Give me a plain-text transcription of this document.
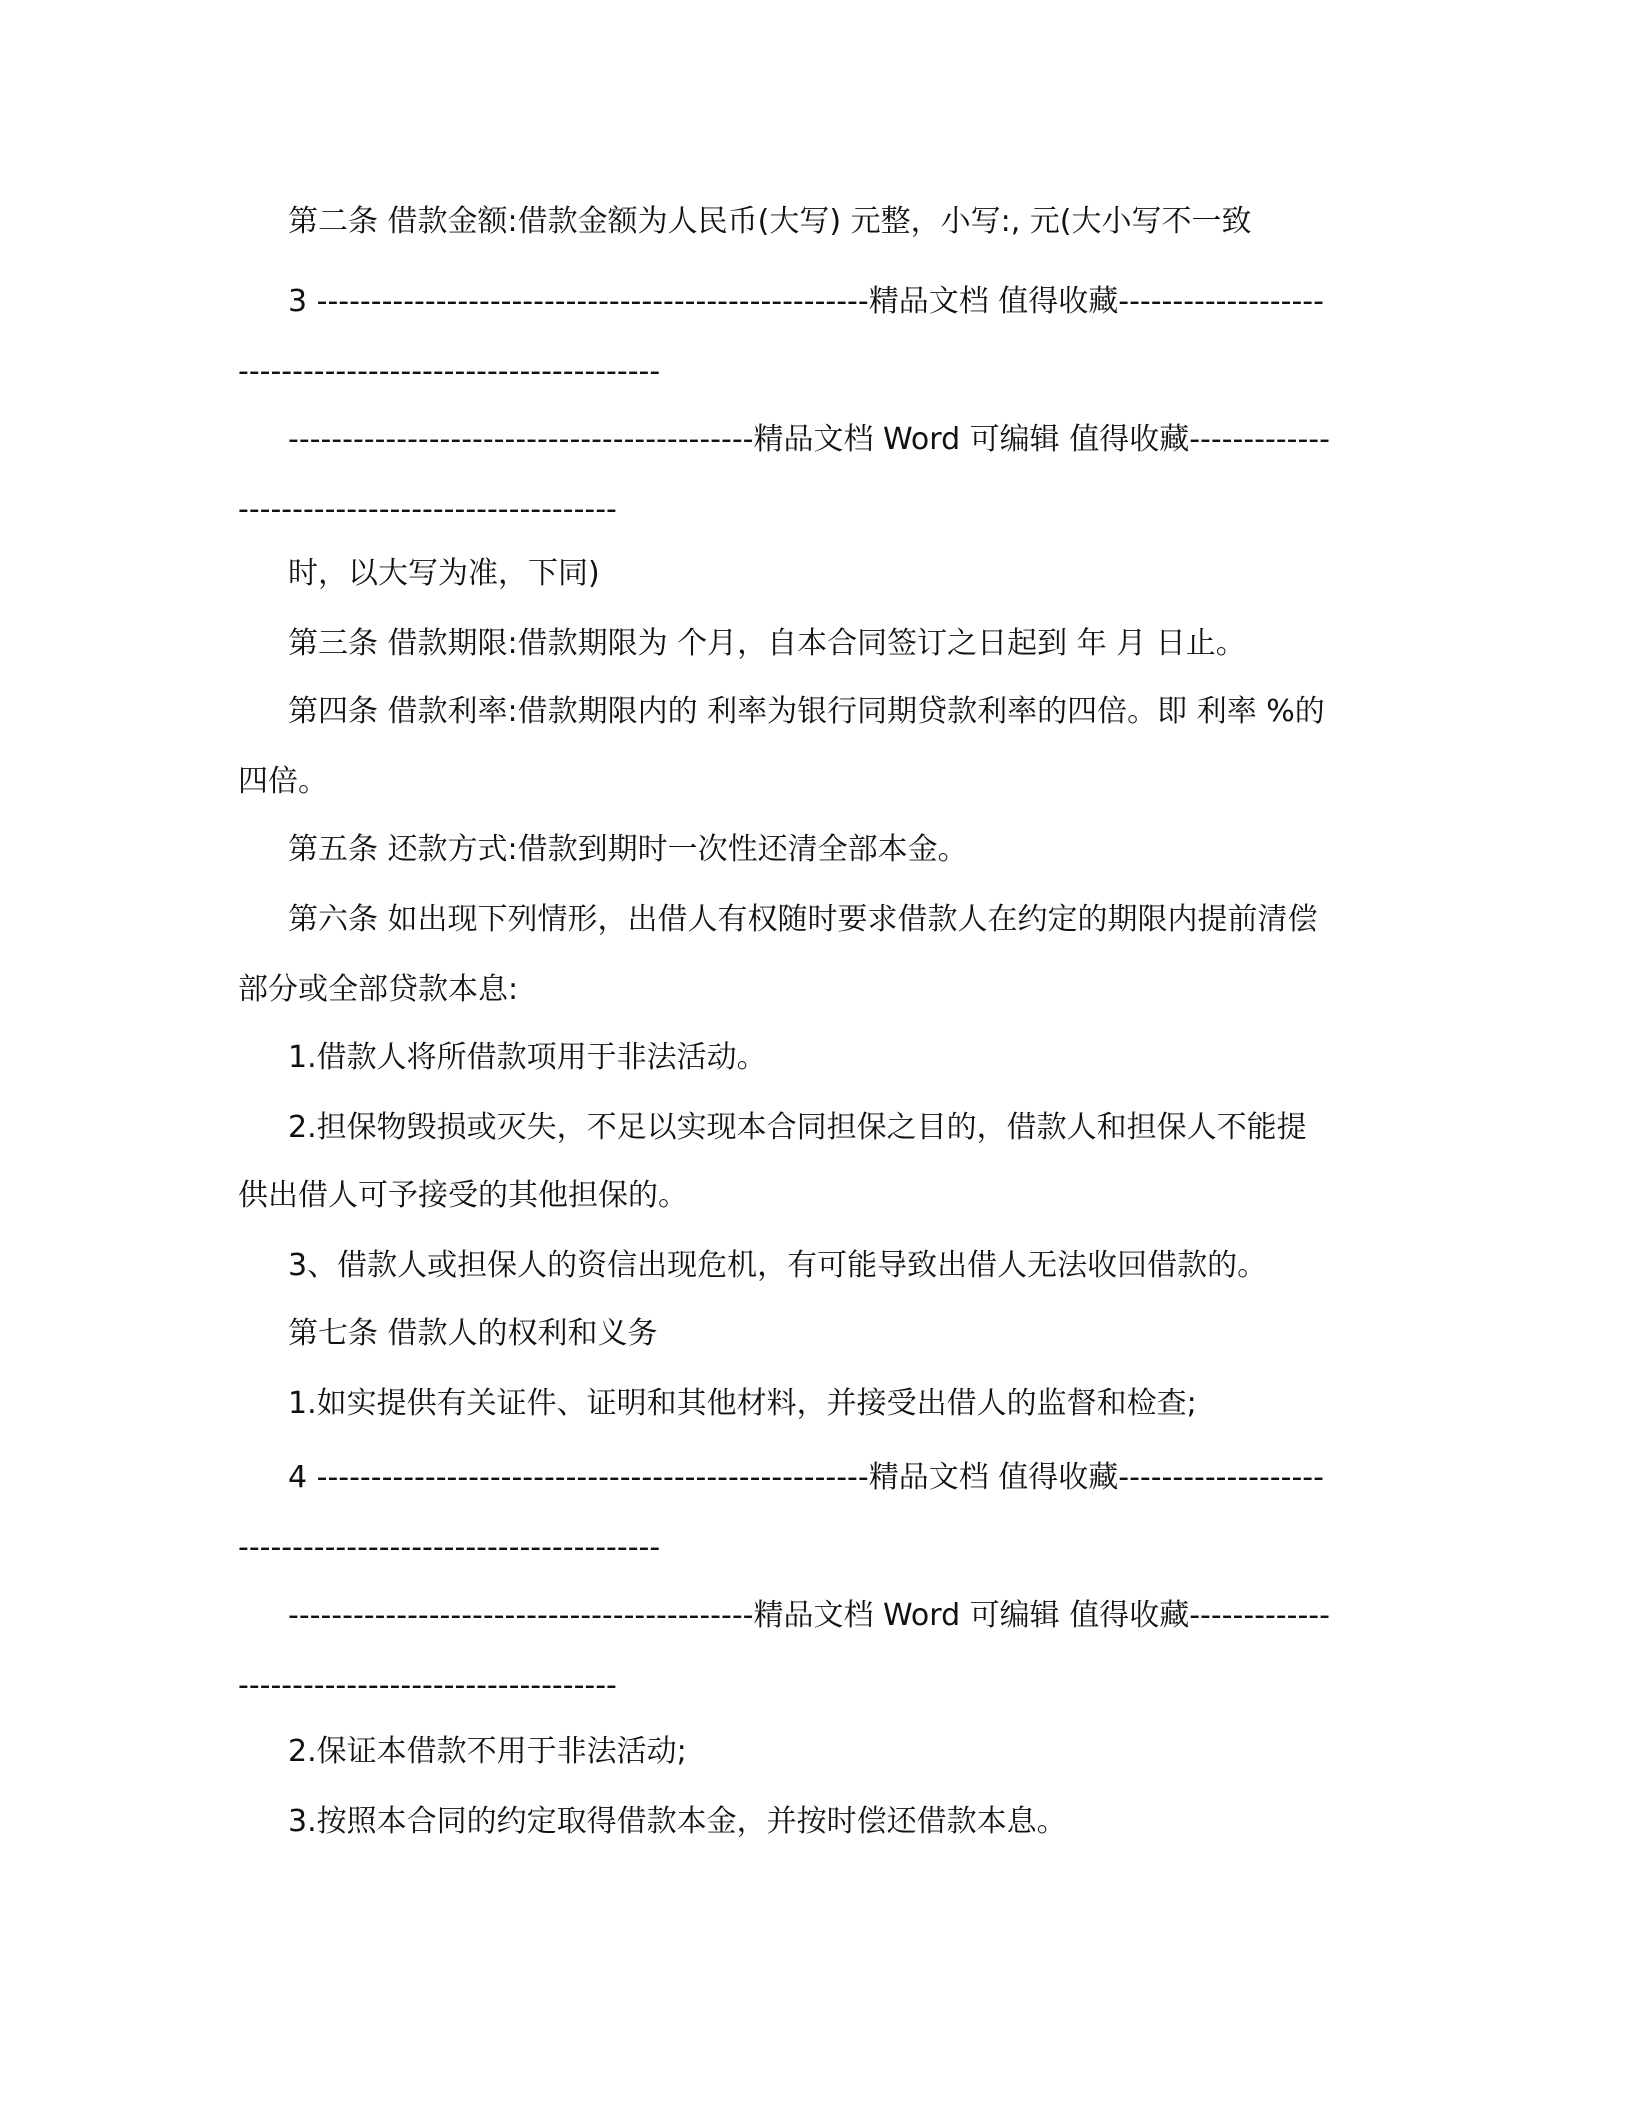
第二条 借款金额:借款金额为人民币(大写) 元整，小写:, 元(大小写不一致
3 ---------------------------------------------------精品文档 值得收藏-------------------
---------------------------------------
-------------------------------------------精品文档 Word 可编辑 值得收藏-------------
-----------------------------------
时，以大写为准，下同)
第三条 借款期限:借款期限为 个月，自本合同签订之日起到 年 月 日止。
第四条 借款利率:借款期限内的 利率为银行同期贷款利率的四倍。即 利率 %的
四倍。
第五条 还款方式:借款到期时一次性还清全部本金。
第六条 如出现下列情形，出借人有权随时要求借款人在约定的期限内提前清偿
部分或全部贷款本息:
1.借款人将所借款项用于非法活动。
2.担保物毁损或灭失，不足以实现本合同担保之目的，借款人和担保人不能提
供出借人可予接受的其他担保的。
3、借款人或担保人的资信出现危机，有可能导致出借人无法收回借款的。
第七条 借款人的权利和义务
1.如实提供有关证件、证明和其他材料，并接受出借人的监督和检查;
4 ---------------------------------------------------精品文档 值得收藏-------------------
---------------------------------------
-------------------------------------------精品文档 Word 可编辑 值得收藏-------------
-----------------------------------
2.保证本借款不用于非法活动;
3.按照本合同的约定取得借款本金，并按时偿还借款本息。
